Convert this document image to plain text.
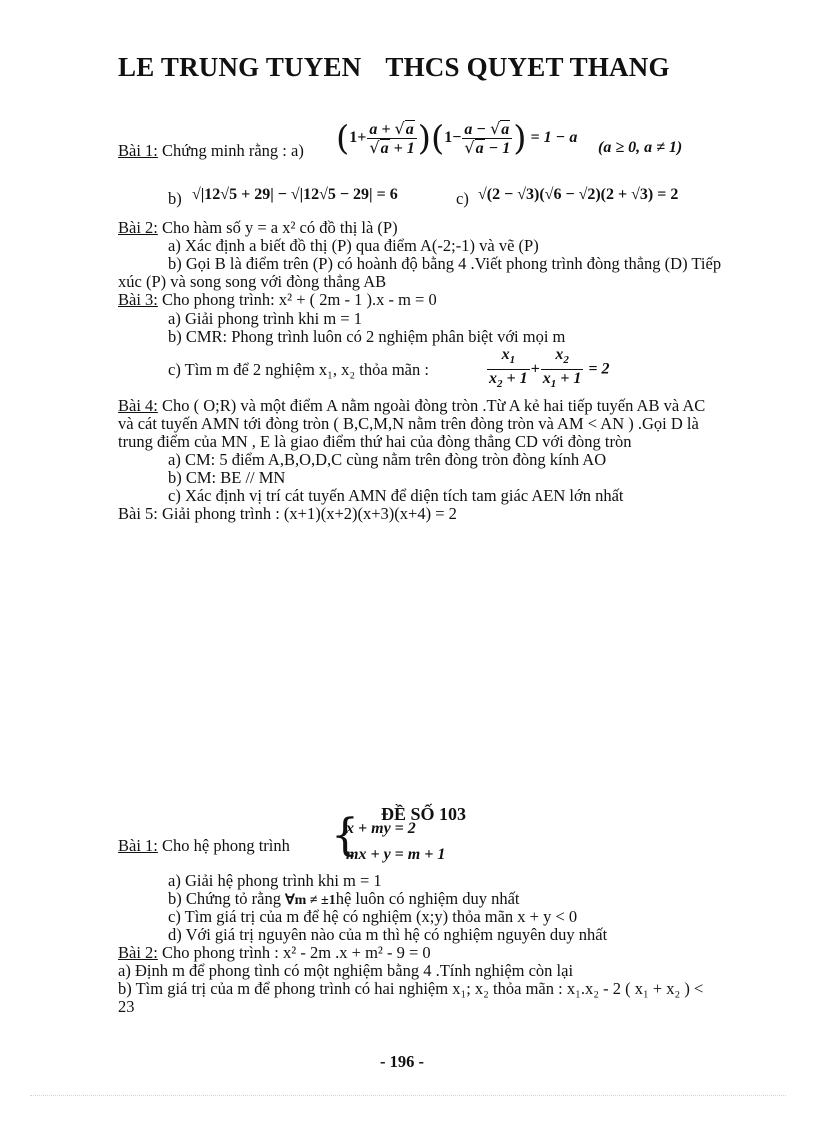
LE TRUNG TUYEN THCS QUYET THANG
Bài 1: Chứng minh rằng : a) $(1+ \frac{a + √a}{√a + 1} )(1- \frac{a - √a}{√a - 1}$ ) = 1 − a
(a ≥ 0, a ≠ 1)
b) √|12√5 + 29| − √|12√5 − 29| = 6	c) √(2 − √3)(√6 − √2)(2 + √3) = 2
Bài 2: Cho hàm số y = a x² có đồ thị là (P)
a) Xác định a biết đồ thị (P) qua điểm A(-2;-1) và vẽ (P)
b) Gọi B là điểm trên (P) có hoành độ bằng 4 .Viết phong trình đòng thẳng (D) Tiếp
xúc (P) và song song với đòng thẳng AB
Bài 3: Cho phong trình: x² + ( 2m - 1 ).x - m = 0
a) Giải phong trình khi m = 1
b) CMR: Phong trình luôn có 2 nghiệm phân biệt với mọi m
c) Tìm m để 2 nghiệm x₁, x₂ thỏa mãn :	$\frac{x_1}{x_2 + 1} + \frac{x_2}{x_1 + 1} = 2$
Bài 4: Cho ( O;R) và một điểm A nằm ngoài đòng tròn .Từ A kẻ hai tiếp tuyến AB và AC
và cát tuyến AMN tới đòng tròn ( B,C,M,N nằm trên đòng tròn và AM < AN ) .Gọi D là
trung điểm của MN , E là giao điểm thứ hai của đòng thẳng CD với đòng tròn
a) CM: 5 điểm A,B,O,D,C cùng nằm trên đòng tròn đòng kính AO
b) CM: BE // MN
c) Xác định vị trí cát tuyến AMN để diện tích tam giác AEN lớn nhất
Bài 5: Giải phong trình : (x+1)(x+2)(x+3)(x+4) = 2
ĐỀ SỐ 103
Bài 1: Cho hệ phong trình {
x + my = 2
mx + y = m + 1
a) Giải hệ phong trình khi m = 1
b) Chứng tỏ rằng ∀m ≠ ±1hệ luôn có nghiệm duy nhất
c) Tìm giá trị của m để hệ có nghiệm (x;y) thỏa mãn x + y < 0
d) Với giá trị nguyên nào của m thì hệ có nghiệm nguyên duy nhất
Bài 2: Cho phong trình : x² - 2m .x + m² - 9 = 0
a) Định m để phong tình có một nghiệm bằng 4 .Tính nghiệm còn lại
b) Tìm giá trị của m để phong trình có hai nghiệm x₁; x₂ thỏa mãn : x₁.x₂ - 2 ( x₁ + x₂ ) <
23
- 196 -
